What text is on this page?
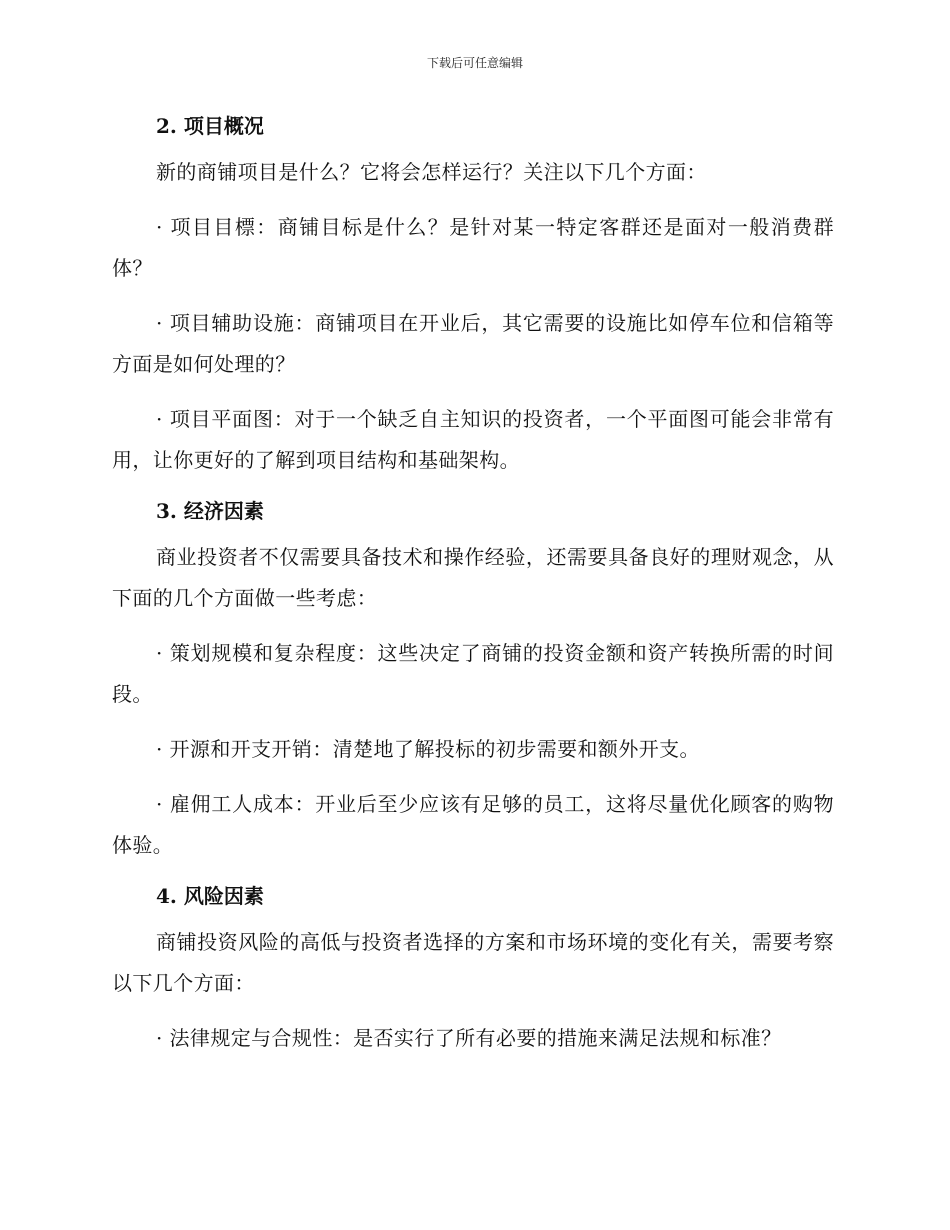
下载后可任意编辑

2. 项目概况

新的商铺项目是什么？它将会怎样运行？关注以下几个方面：

· 项目目標：商铺目标是什么？是针对某一特定客群还是面对一般消费群体？

· 项目辅助设施：商铺项目在开业后，其它需要的设施比如停车位和信箱等方面是如何处理的？

· 项目平面图：对于一个缺乏自主知识的投资者，一个平面图可能会非常有用，让你更好的了解到项目结构和基础架构。

3. 经济因素

商业投资者不仅需要具备技术和操作经验，还需要具备良好的理财观念，从下面的几个方面做一些考虑：

· 策划规模和复杂程度：这些决定了商铺的投资金额和资产转换所需的时间段。

· 开源和开支开销：清楚地了解投标的初步需要和额外开支。

· 雇佣工人成本：开业后至少应该有足够的员工，这将尽量优化顾客的购物体验。

4. 风险因素

商铺投资风险的高低与投资者选择的方案和市场环境的变化有关，需要考察以下几个方面：

· 法律规定与合规性：是否实行了所有必要的措施来满足法规和标准？
